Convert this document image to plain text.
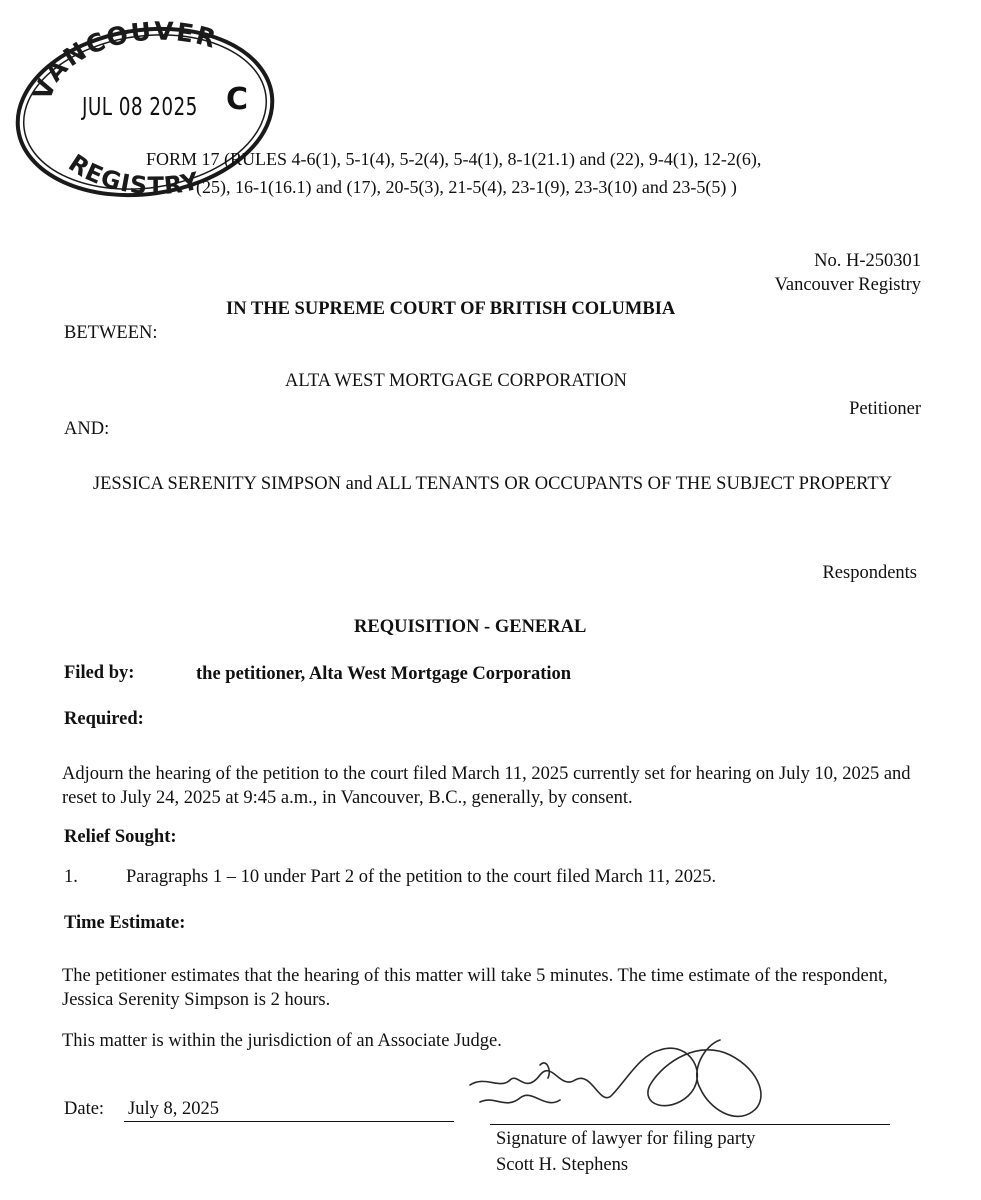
VANCOUVER
REGISTRY
JUL 08 2025 C
FORM 17 (RULES 4-6(1), 5-1(4), 5-2(4), 5-4(1), 8-1(21.1) and (22), 9-4(1), 12-2(6),
(25), 16-1(16.1) and (17), 20-5(3), 21-5(4), 23-1(9), 23-3(10) and 23-5(5) )
No. H-250301
Vancouver Registry
IN THE SUPREME COURT OF BRITISH COLUMBIA
BETWEEN:
ALTA WEST MORTGAGE CORPORATION
Petitioner
AND:
JESSICA SERENITY SIMPSON and ALL TENANTS OR OCCUPANTS OF THE SUBJECT PROPERTY
Respondents
REQUISITION - GENERAL
Filed by:	the petitioner, Alta West Mortgage Corporation
Required:
Adjourn the hearing of the petition to the court filed March 11, 2025 currently set for hearing on July 10, 2025 and reset to July 24, 2025 at 9:45 a.m., in Vancouver, B.C., generally, by consent.
Relief Sought:
1.	Paragraphs 1 – 10 under Part 2 of the petition to the court filed March 11, 2025.
Time Estimate:
The petitioner estimates that the hearing of this matter will take 5 minutes. The time estimate of the respondent, Jessica Serenity Simpson is 2 hours.
This matter is within the jurisdiction of an Associate Judge.
Date: July 8, 2025
Signature of lawyer for filing party
Scott H. Stephens
